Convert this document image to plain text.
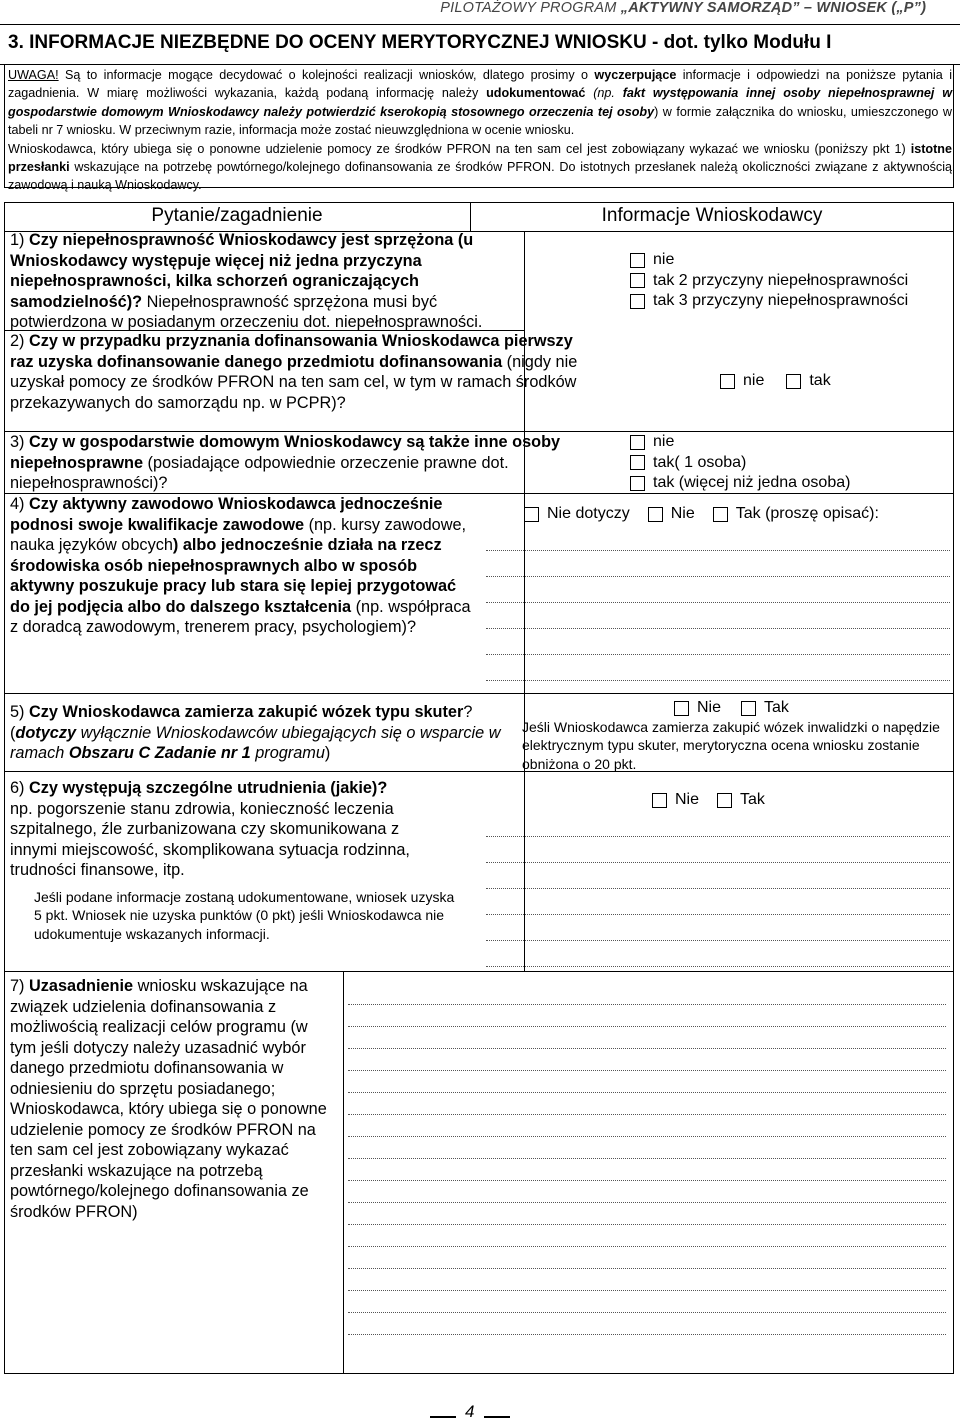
PILOTAŻOWY PROGRAM „AKTYWNY SAMORZĄD” – WNIOSEK („P”)
3. INFORMACJE NIEZBĘDNE DO OCENY MERYTORYCZNEJ WNIOSKU - dot. tylko Modułu I
UWAGA! Są to informacje mogące decydować o kolejności realizacji wniosków, dlatego prosimy o wyczerpujące informacje i odpowiedzi na poniższe pytania i zagadnienia. W miarę możliwości wykazania, każdą podaną informację należy udokumentować (np. fakt występowania innej osoby niepełnosprawnej w gospodarstwie domowym Wnioskodawcy należy potwierdzić kserokopią stosownego orzeczenia tej osoby) w formie załącznika do wniosku, umieszczonego w tabeli nr 7 wniosku. W przeciwnym razie, informacja może zostać nieuwzględniona w ocenie wniosku.
Wnioskodawca, który ubiega się o ponowne udzielenie pomocy ze środków PFRON na ten sam cel jest zobowiązany wykazać we wniosku (poniższy pkt 1) istotne przesłanki wskazujące na potrzebę powtórnego/kolejnego dofinansowania ze środków PFRON. Do istotnych przesłanek należą okoliczności związane z aktywnością zawodową i nauką Wnioskodawcy.
Pytanie/zagadnienie	Informacje Wnioskodawcy
1) Czy niepełnosprawność Wnioskodawcy jest sprzężona (u Wnioskodawcy występuje więcej niż jedna przyczyna niepełnosprawności, kilka schorzeń ograniczających samodzielność)? Niepełnosprawność sprzężona musi być potwierdzona w posiadanym orzeczeniu dot. niepełnosprawności.
nie
tak 2 przyczyny niepełnosprawności
tak 3 przyczyny niepełnosprawności
2) Czy w przypadku przyznania dofinansowania Wnioskodawca pierwszy raz uzyska dofinansowanie danego przedmiotu dofinansowania (nigdy nie uzyskał pomocy ze środków PFRON na ten sam cel, w tym w ramach środków przekazywanych do samorządu np. w PCPR)?
nie	tak
3) Czy w gospodarstwie domowym Wnioskodawcy są także inne osoby niepełnosprawne (posiadające odpowiednie orzeczenie prawne dot. niepełnosprawności)?
nie
tak( 1 osoba)
tak (więcej niż jedna osoba)
4) Czy aktywny zawodowo Wnioskodawca jednocześnie podnosi swoje kwalifikacje zawodowe (np. kursy zawodowe, nauka języków obcych) albo jednocześnie działa na rzecz środowiska osób niepełnosprawnych albo w sposób aktywny poszukuje pracy lub stara się lepiej przygotować do jej podjęcia albo do dalszego kształcenia (np. współpraca z doradcą zawodowym, trenerem pracy, psychologiem)?
Nie dotyczy	Nie	Tak (proszę opisać):
5) Czy Wnioskodawca zamierza zakupić wózek typu skuter?
(dotyczy wyłącznie Wnioskodawców ubiegających się o wsparcie w ramach Obszaru C Zadanie nr 1 programu)
Nie	Tak
Jeśli Wnioskodawca zamierza zakupić wózek inwalidzki o napędzie elektrycznym typu skuter, merytoryczna ocena wniosku zostanie obniżona o 20 pkt.
6) Czy występują szczególne utrudnienia (jakie)?
np. pogorszenie stanu zdrowia, konieczność leczenia szpitalnego, źle zurbanizowana czy skomunikowana z innymi miejscowość, skomplikowana sytuacja rodzinna, trudności finansowe, itp.
Jeśli podane informacje zostaną udokumentowane, wniosek uzyska 5 pkt. Wniosek nie uzyska punktów (0 pkt) jeśli Wnioskodawca nie udokumentuje wskazanych informacji.
Nie	Tak
7) Uzasadnienie wniosku wskazujące na związek udzielenia dofinansowania z możliwością realizacji celów programu (w tym jeśli dotyczy należy uzasadnić wybór danego przedmiotu dofinansowania w odniesieniu do sprzętu posiadanego; Wnioskodawca, który ubiega się o ponowne udzielenie pomocy ze środków PFRON na ten sam cel jest zobowiązany wykazać przesłanki wskazujące na potrzebą powtórnego/kolejnego dofinansowania ze środków PFRON)
4
